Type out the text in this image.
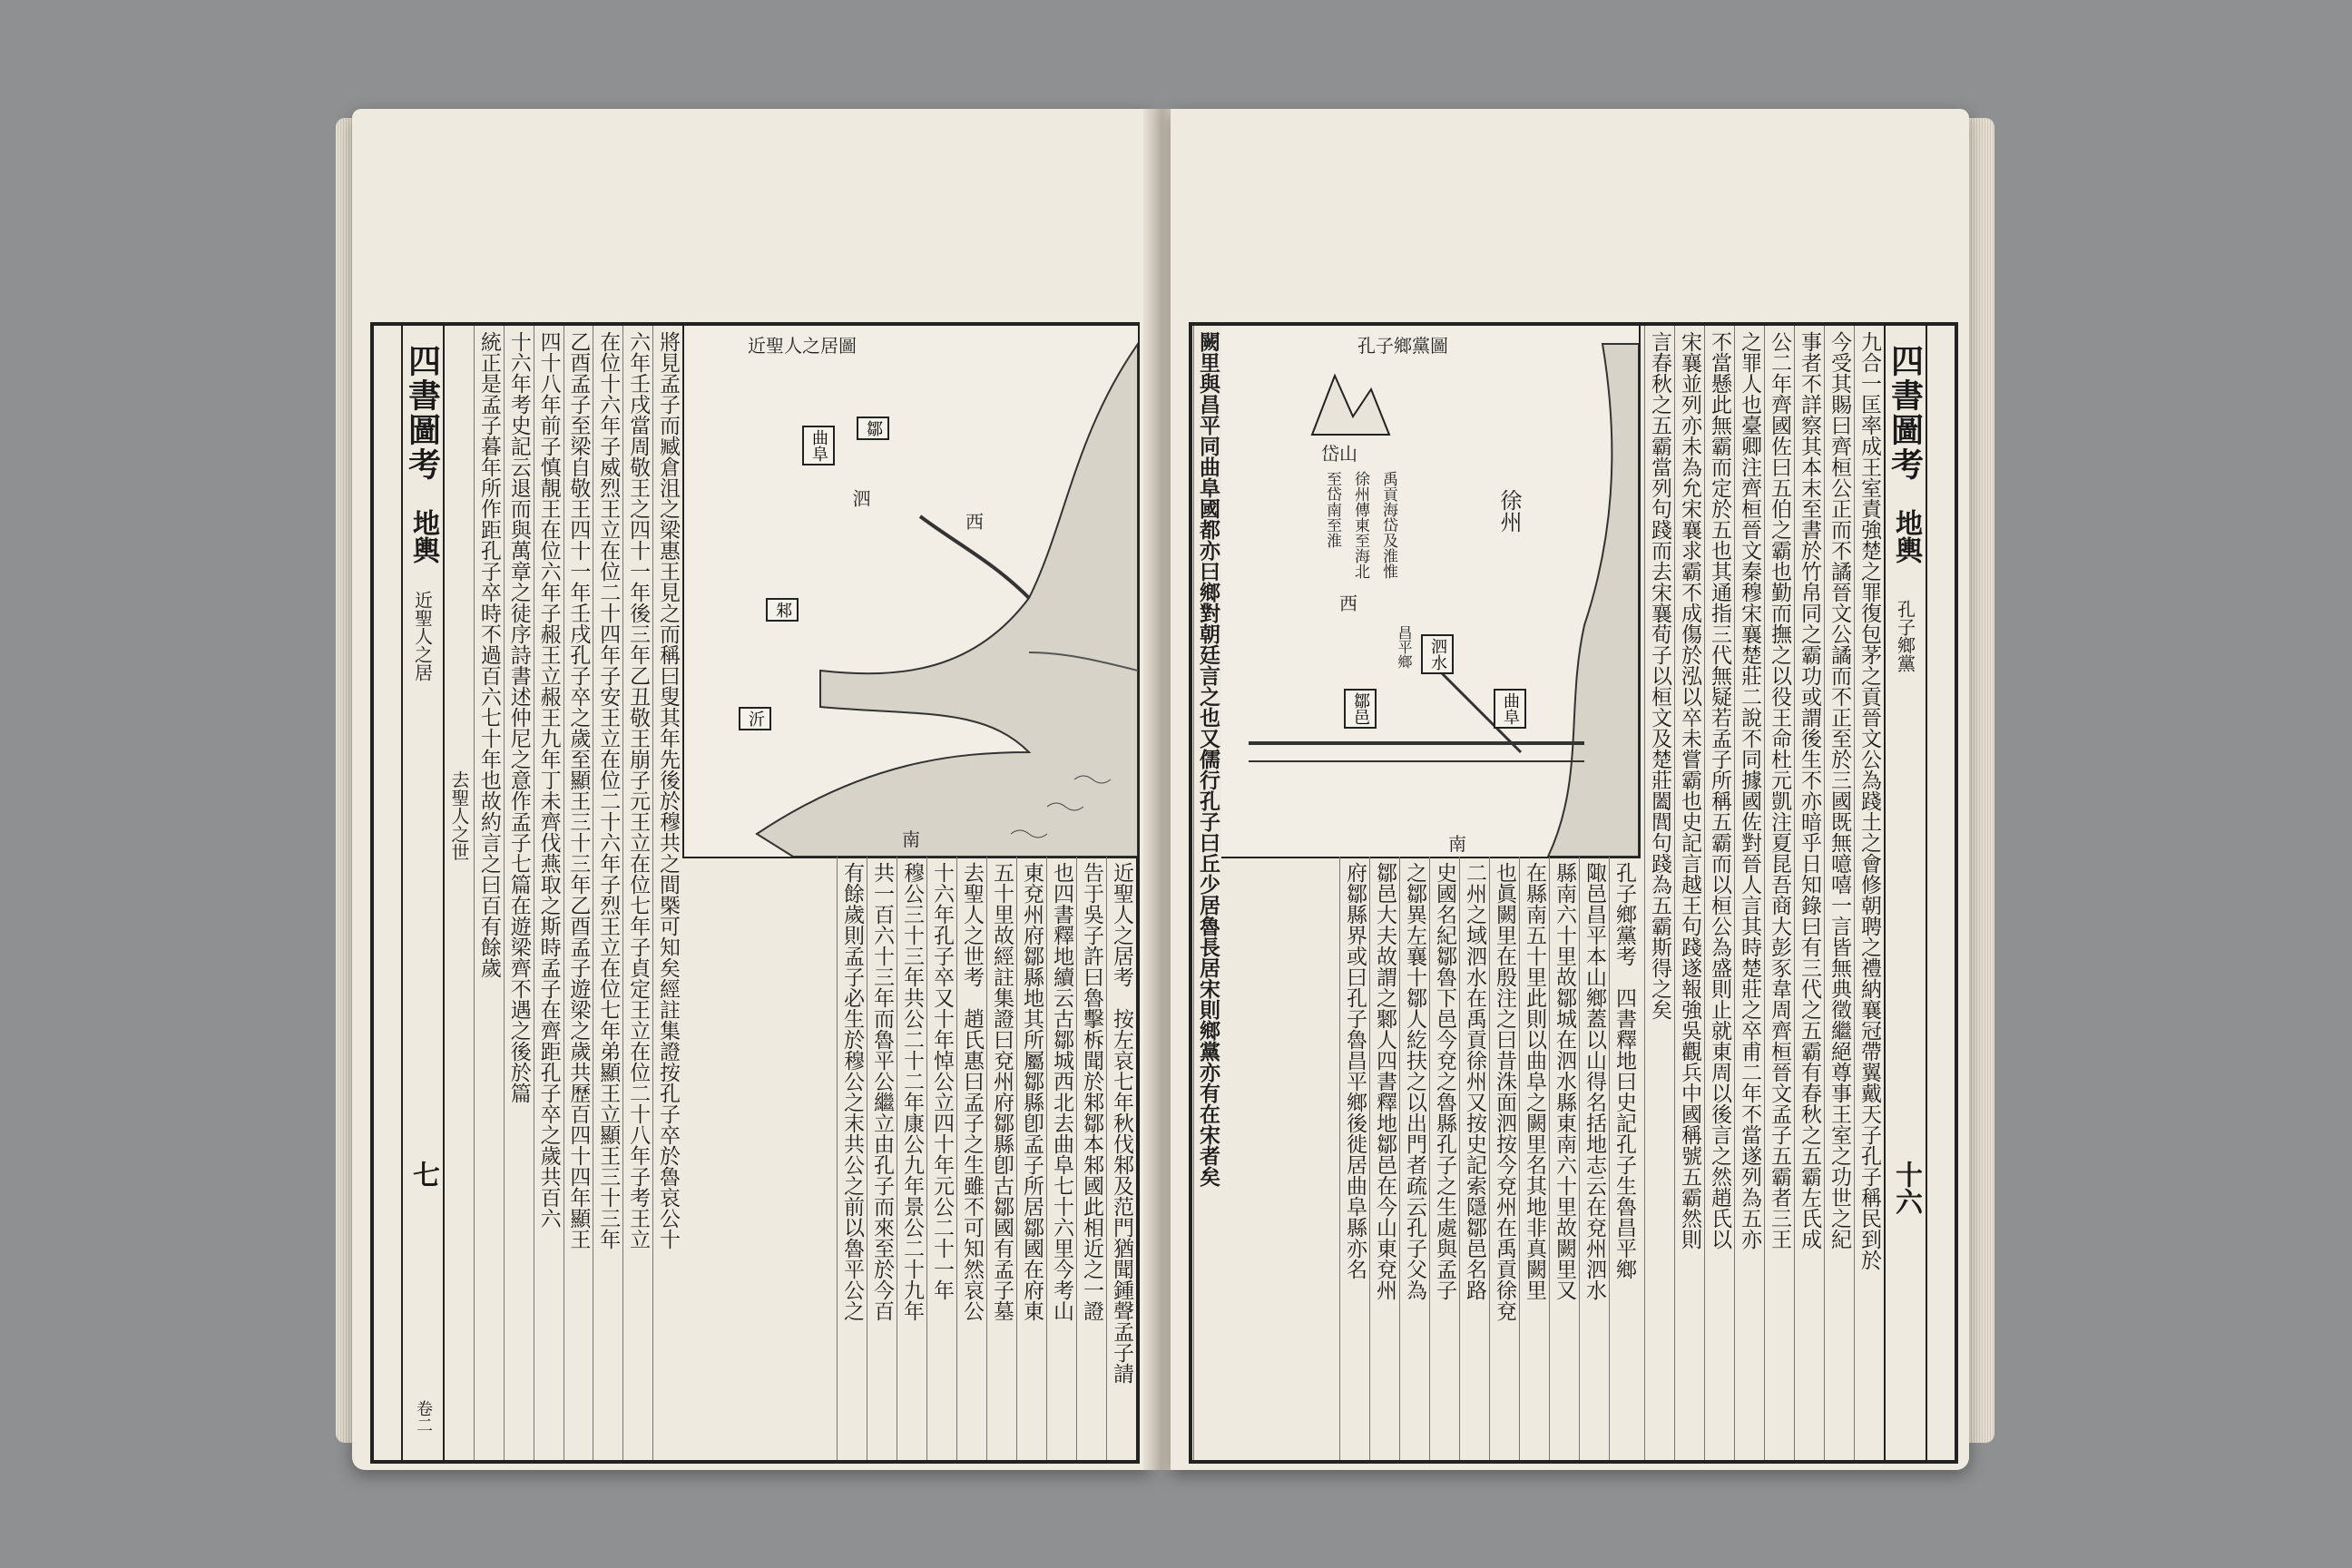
四書圖考
地輿
近聖人之居
七
卷二
去聖人之世	將見孟子而臧倉沮之梁惠王見之而稱曰叟其年先後於穆共之間槩可知矣經註集證按孔子卒於魯哀公十
六年壬戌當周敬王之四十一年後三年乙丑敬王崩子元王立在位七年子貞定王立在位二十八年子考王立
在位十六年子威烈王立在位二十四年子安王立在位二十六年子烈王立在位七年弟顯王立顯王三十三年
乙酉孟子至梁自敬王四十一年壬戌孔子卒之歲至顯王三十三年乙酉孟子遊梁之歲共歷百四十四年顯王
四十八年前子慎靚王在位六年子赧王立赧王九年丁未齊伐燕取之斯時孟子在齊距孔子卒之歲共百六
十六年考史記云退而與萬章之徒序詩書述仲尼之意作孟子七篇在遊梁齊不遇之後於篇
統正是孟子暮年所作距孔子卒時不過百六七十年也故約言之曰百有餘歲	近聖人之居圖
南
西
鄒
曲阜
泗
沂
邾
近聖人之居考　按左哀七年秋伐邾及范門猶聞鍾聲孟子請
告于吳子許曰魯擊柝聞於邾鄒本邾國此相近之一證
也四書釋地續云古鄒城西北去曲阜七十六里今考山
東兗州府鄒縣地其所屬鄒縣卽孟子所居鄒國在府東
五十里故經註集證曰兗州府鄒縣卽古鄒國有孟子墓
去聖人之世考　趙氏惠曰孟子之生雖不可知然哀公
十六年孔子卒又十年悼公立四十年元公二十一年
穆公三十三年共公二十二年康公九年景公二十九年
共一百六十三年而魯平公繼立由孔子而來至於今百
有餘歲則孟子必生於穆公之末共公之前以魯平公之
四書圖考
地輿
孔子鄉黨
十六
九合一匡率成王室責強楚之罪復包茅之貢晉文公為踐土之會修朝聘之禮納襄冠帶翼戴天子孔子稱民到於
今受其賜曰齊桓公正而不譎晉文公譎而不正至於三國既無噫嘻一言皆無典徵繼絕尊事王室之功世之紀
事者不詳察其本末至書於竹帛同之霸功或謂後生不亦暗乎日知錄曰有三代之五霸有春秋之五霸左氏成
公二年齊國佐曰五伯之霸也勤而撫之以役王命杜元凱注夏昆吾商大彭豕韋周齊桓晉文孟子五霸者三王
之罪人也臺卿注齊桓晉文秦穆宋襄楚莊二說不同據國佐對晉人言其時楚莊之卒甫二年不當遂列為五亦
不當懸此無霸而定於五也其通指三代無疑若孟子所稱五霸而以桓公為盛則止就東周以後言之然趙氏以
宋襄並列亦未為允宋襄求霸不成傷於泓以卒未嘗霸也史記言越王句踐遂報強吳觀兵中國稱號五霸然則
言春秋之五霸當列句踐而去宋襄荀子以桓文及楚莊闔閭句踐為五霸斯得之矣
孔子鄉黨圖
南
西
岱山
徐州
禹貢海岱及淮惟
徐州傳東至海北
至岱南至淮
泗水
曲阜
昌平鄉
鄒邑
孔子鄉黨考　四書釋地曰史記孔子生魯昌平鄉
陬邑昌平本山鄉蓋以山得名括地志云在兗州泗水
縣南六十里故鄒城在泗水縣東南六十里故闕里又
在縣南五十里此則以曲阜之闕里名其地非真闕里
也眞闕里在殷注之曰昔洙面泗按今兗州在禹貢徐兗
二州之域泗水在禹貢徐州又按史記索隱鄒邑名路
史國名紀鄒魯下邑今兗之魯縣孔子之生處與孟子
之鄒異左襄十鄒人紇扶之以出門者疏云孔子父為
鄒邑大夫故謂之鄹人四書釋地鄒邑在今山東兗州
府鄒縣界或曰孔子魯昌平鄉後徙居曲阜縣亦名
闕里與昌平同曲阜國都亦曰鄉對朝廷言之也又儒行孔子曰丘少居魯長居宋則鄉黨亦有在宋者矣
